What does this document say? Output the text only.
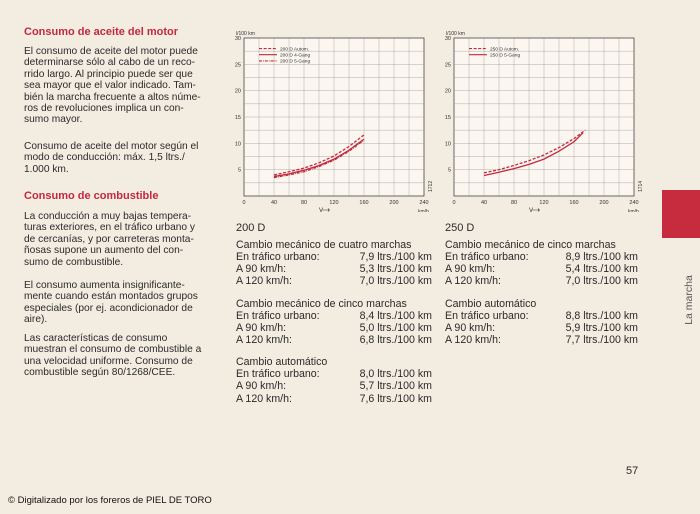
Consumo de aceite del motor
El consumo de aceite del motor puede
determinarse sólo al cabo de un reco-
rrido largo. Al principio puede ser que
sea mayor que el valor indicado. Tam-
bién la marcha frecuente a altos núme-
ros de revoluciones implica un con-
sumo mayor.
Consumo de aceite del motor según el
modo de conducción: máx. 1,5 ltrs./
1.000 km.
Consumo de combustible
La conducción a muy bajas tempera-
turas exteriores, en el tráfico urbano y
de cercanías, y por carreteras monta-
ñosas supone un aumento del con-
sumo de combustible.
El consumo aumenta insignificante-
mente cuando están montados grupos
especiales (por ej. acondicionador de
aire).
Las características de consumo
muestran el consumo de combustible a
una velocidad uniforme. Consumo de
combustible según 80/1268/CEE.
l/100 km
5
10
15
20
25
30
0	40	80	120	160	200	240
V	km/h
1712
200 D Autom.
200 D 4-Gang
200 D 5-Gang
l/100 km
5
10
15
20
25
30
0	40	80	120	160	200	240
V	km/h
1714
250 D Autom.
250 D 5-Gang
200 D
Cambio mecánico de cuatro marchas
En tráfico urbano:	7,9 ltrs./100 km
A 90 km/h:	5,3 ltrs./100 km
A 120 km/h:	7,0 ltrs./100 km
Cambio mecánico de cinco marchas
En tráfico urbano:	8,4 ltrs./100 km
A 90 km/h:	5,0 ltrs./100 km
A 120 km/h:	6,8 ltrs./100 km
Cambio automático
En tráfico urbano:	8,0 ltrs./100 km
A 90 km/h:	5,7 ltrs./100 km
A 120 km/h:	7,6 ltrs./100 km
250 D
Cambio mecánico de cinco marchas
En tráfico urbano:	8,9 ltrs./100 km
A 90 km/h:	5,4 ltrs./100 km
A 120 km/h:	7,0 ltrs./100 km
Cambio automático
En tráfico urbano:	8,8 ltrs./100 km
A 90 km/h:	5,9 ltrs./100 km
A 120 km/h:	7,7 ltrs./100 km
La marcha
57
© Digitalizado por los foreros de PIEL DE TORO
